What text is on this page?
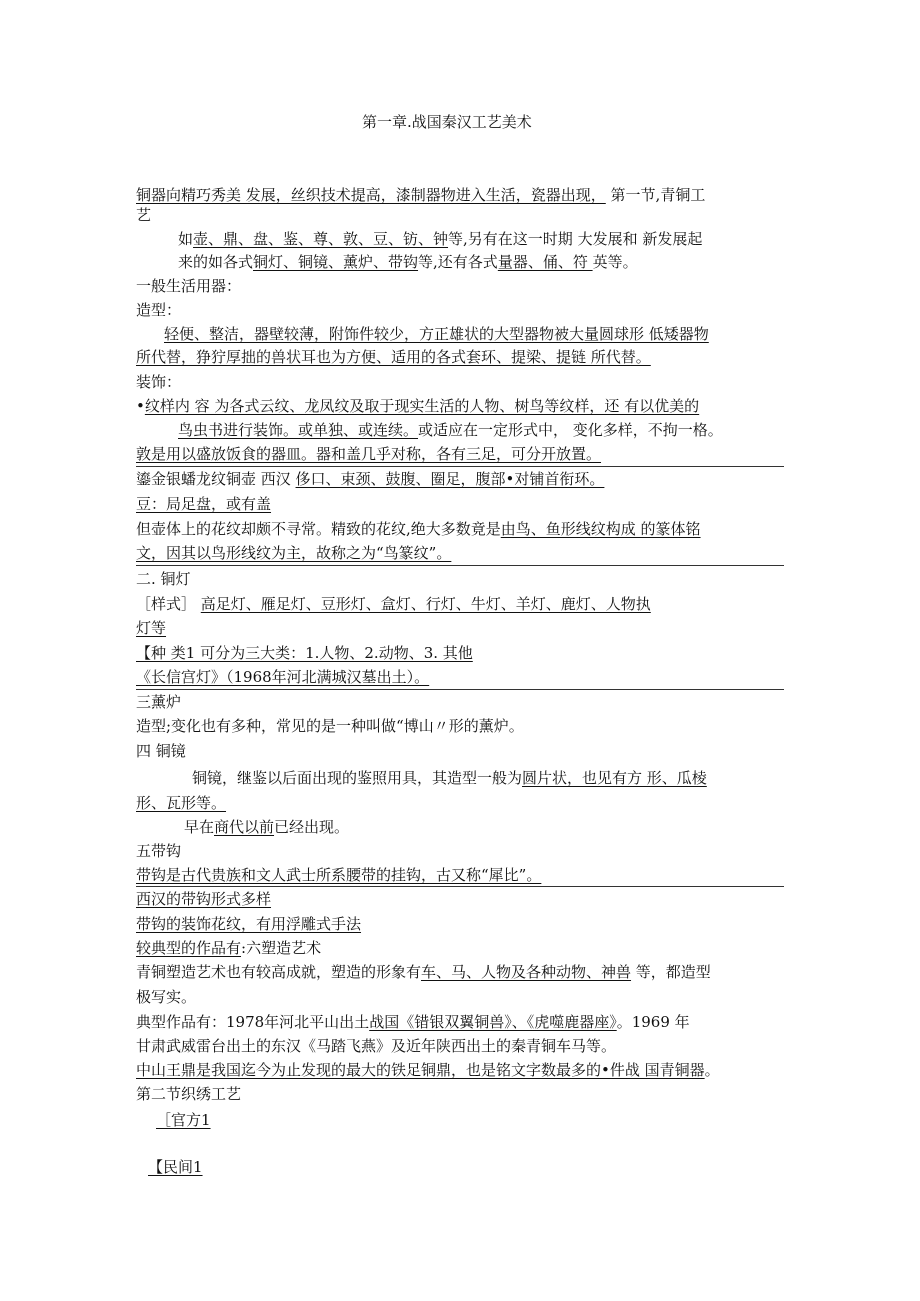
第一章.战国秦汉工艺美术
铜器向精巧秀美 发展，丝织技术提高，漆制器物进入生活，瓷器出现， 第一节,青铜工
艺
如壶、鼎、盘、鉴、尊、敦、豆、钫、钟等,另有在这一时期 大发展和 新发展起
来的如各式铜灯、铜镜、薰炉、带钩等,还有各式量器、俑、符 英等。
一般生活用器：
造型：
轻便、整洁，器壁较薄，附饰件较少，方正雄状的大型器物被大量圆球形 低矮器物
所代替，狰狞厚拙的兽状耳也为方便、适用的各式套环、提梁、提链 所代替。
装饰：
•纹样内 容 为各式云纹、龙凤纹及取于现实生活的人物、树鸟等纹样，还 有以优美的
鸟虫书进行装饰。或单独、或连续。或适应在一定形式中， 变化多样，不拘一格。
敦是用以盛放饭食的器皿。器和盖几乎对称，各有三足，可分开放置。
鎏金银蟠龙纹铜壶 西汉 侈口、束颈、鼓腹、圈足，腹部•对铺首衔环。
豆：局足盘，或有盖
但壶体上的花纹却颇不寻常。精致的花纹,绝大多数竟是由鸟、鱼形线纹构成 的篆体铭
文，因其以鸟形线纹为主，故称之为“鸟篆纹”。
二. 铜灯
［样式］ 高足灯、雁足灯、豆形灯、盒灯、行灯、牛灯、羊灯、鹿灯、人物执
灯等
【种 类1 可分为三大类：1.人物、2.动物、3. 其他
《长信宫灯》（1968年河北满城汉墓出土）。
三薰炉
造型;变化也有多种，常见的是一种叫做“博山〃形的薰炉。
四 铜镜
铜镜，继鉴以后面出现的鉴照用具，其造型一般为圆片状，也见有方 形、瓜棱
形、瓦形等。
早在商代以前已经出现。
五带钩
带钩是古代贵族和文人武士所系腰带的挂钩，古又称“犀比”。
西汉的带钩形式多样
带钩的装饰花纹，有用浮雕式手法
较典型的作品有:六塑造艺术
青铜塑造艺术也有较高成就，塑造的形象有车、马、人物及各种动物、神兽 等，都造型
极写实。
典型作品有：1978年河北平山出土战国《错银双翼铜兽》、《虎噬鹿器座》。1969 年
甘肃武威雷台出土的东汉《马踏飞燕》及近年陕西出土的秦青铜车马等。
中山王鼎是我国迄今为止发现的最大的铁足铜鼎，也是铭文字数最多的•件战 国青铜器。
第二节织绣工艺
［官方1
【民间1
